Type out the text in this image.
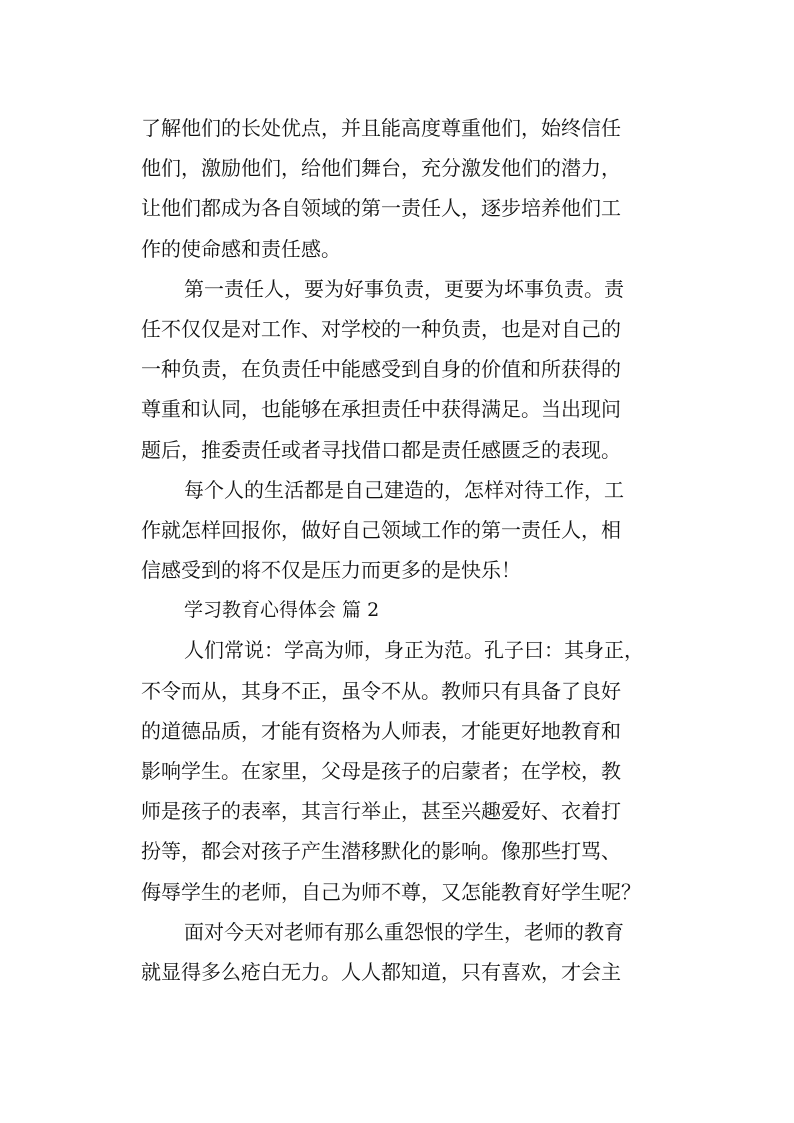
了解他们的长处优点，并且能高度尊重他们，始终信任
他们，激励他们，给他们舞台，充分激发他们的潜力，
让他们都成为各自领域的第一责任人，逐步培养他们工
作的使命感和责任感。
第一责任人，要为好事负责，更要为坏事负责。责
任不仅仅是对工作、对学校的一种负责，也是对自己的
一种负责，在负责任中能感受到自身的价值和所获得的
尊重和认同，也能够在承担责任中获得满足。当出现问
题后，推委责任或者寻找借口都是责任感匮乏的表现。
每个人的生活都是自己建造的，怎样对待工作，工
作就怎样回报你，做好自己领域工作的第一责任人，相
信感受到的将不仅是压力而更多的是快乐！
学习教育心得体会 篇 2
人们常说：学高为师，身正为范。孔子曰：其身正，
不令而从，其身不正，虽令不从。教师只有具备了良好
的道德品质，才能有资格为人师表，才能更好地教育和
影响学生。在家里，父母是孩子的启蒙者；在学校，教
师是孩子的表率，其言行举止，甚至兴趣爱好、衣着打
扮等，都会对孩子产生潜移默化的影响。像那些打骂、
侮辱学生的老师，自己为师不尊，又怎能教育好学生呢？
面对今天对老师有那么重怨恨的学生，老师的教育
就显得多么疮白无力。人人都知道，只有喜欢，才会主
